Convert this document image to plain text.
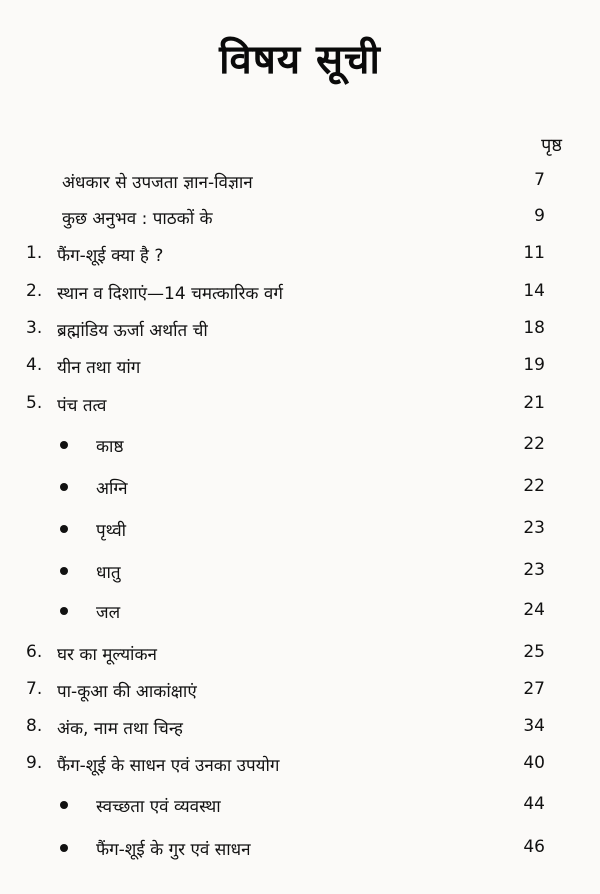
विषय सूची
पृष्ठ
अंधकार से उपजता ज्ञान-विज्ञान	7
कुछ अनुभव : पाठकों के	9
1. फैंग-शूई क्या है ?	11
2. स्थान व दिशाएं—14 चमत्कारिक वर्ग	14
3. ब्रह्मांडिय ऊर्जा अर्थात ची	18
4. यीन तथा यांग	19
5. पंच तत्व	21
काष्ठ	22
अग्नि	22
पृथ्वी	23
धातु	23
जल	24
6. घर का मूल्यांकन	25
7. पा-कूआ की आकांक्षाएं	27
8. अंक, नाम तथा चिन्ह	34
9. फैंग-शूई के साधन एवं उनका उपयोग	40
स्वच्छता एवं व्यवस्था	44
फैंग-शूई के गुर एवं साधन	46
